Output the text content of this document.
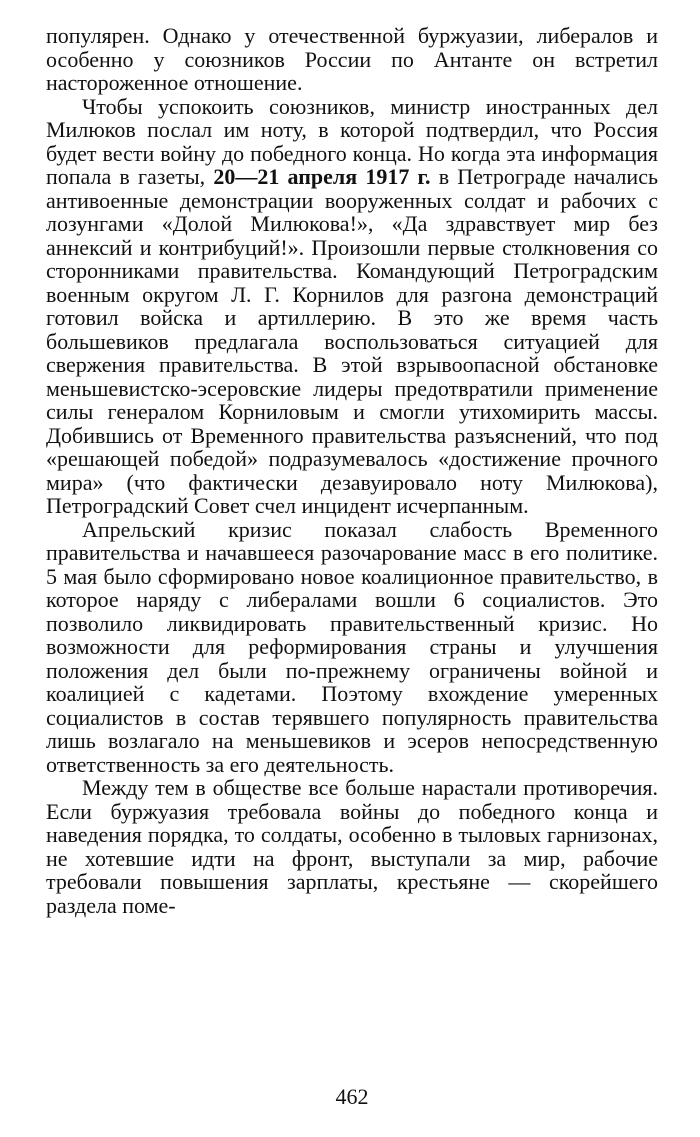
популярен. Однако у отечественной буржуазии, либералов и особенно у союзников России по Антанте он встретил настороженное отношение.

Чтобы успокоить союзников, министр иностранных дел Милюков послал им ноту, в которой подтвердил, что Россия будет вести войну до победного конца. Но когда эта информация попала в газеты, 20—21 апреля 1917 г. в Петрограде начались антивоенные демонстрации вооруженных солдат и рабочих с лозунгами «Долой Милюкова!», «Да здравствует мир без аннексий и контрибуций!». Произошли первые столкновения со сторонниками правительства. Командующий Петроградским военным округом Л. Г. Корнилов для разгона демонстраций готовил войска и артиллерию. В это же время часть большевиков предлагала воспользоваться ситуацией для свержения правительства. В этой взрывоопасной обстановке меньшевистско-эсеровские лидеры предотвратили применение силы генералом Корниловым и смогли утихомирить массы. Добившись от Временного правительства разъяснений, что под «решающей победой» подразумевалось «достижение прочного мира» (что фактически дезавуировало ноту Милюкова), Петроградский Совет счел инцидент исчерпанным.

Апрельский кризис показал слабость Временного правительства и начавшееся разочарование масс в его политике. 5 мая было сформировано новое коалиционное правительство, в которое наряду с либералами вошли 6 социалистов. Это позволило ликвидировать правительственный кризис. Но возможности для реформирования страны и улучшения положения дел были по-прежнему ограничены войной и коалицией с кадетами. Поэтому вхождение умеренных социалистов в состав терявшего популярность правительства лишь возлагало на меньшевиков и эсеров непосредственную ответственность за его деятельность.

Между тем в обществе все больше нарастали противоречия. Если буржуазия требовала войны до победного конца и наведения порядка, то солдаты, особенно в тыловых гарнизонах, не хотевшие идти на фронт, выступали за мир, рабочие требовали повышения зарплаты, крестьяне — скорейшего раздела поме-

462
